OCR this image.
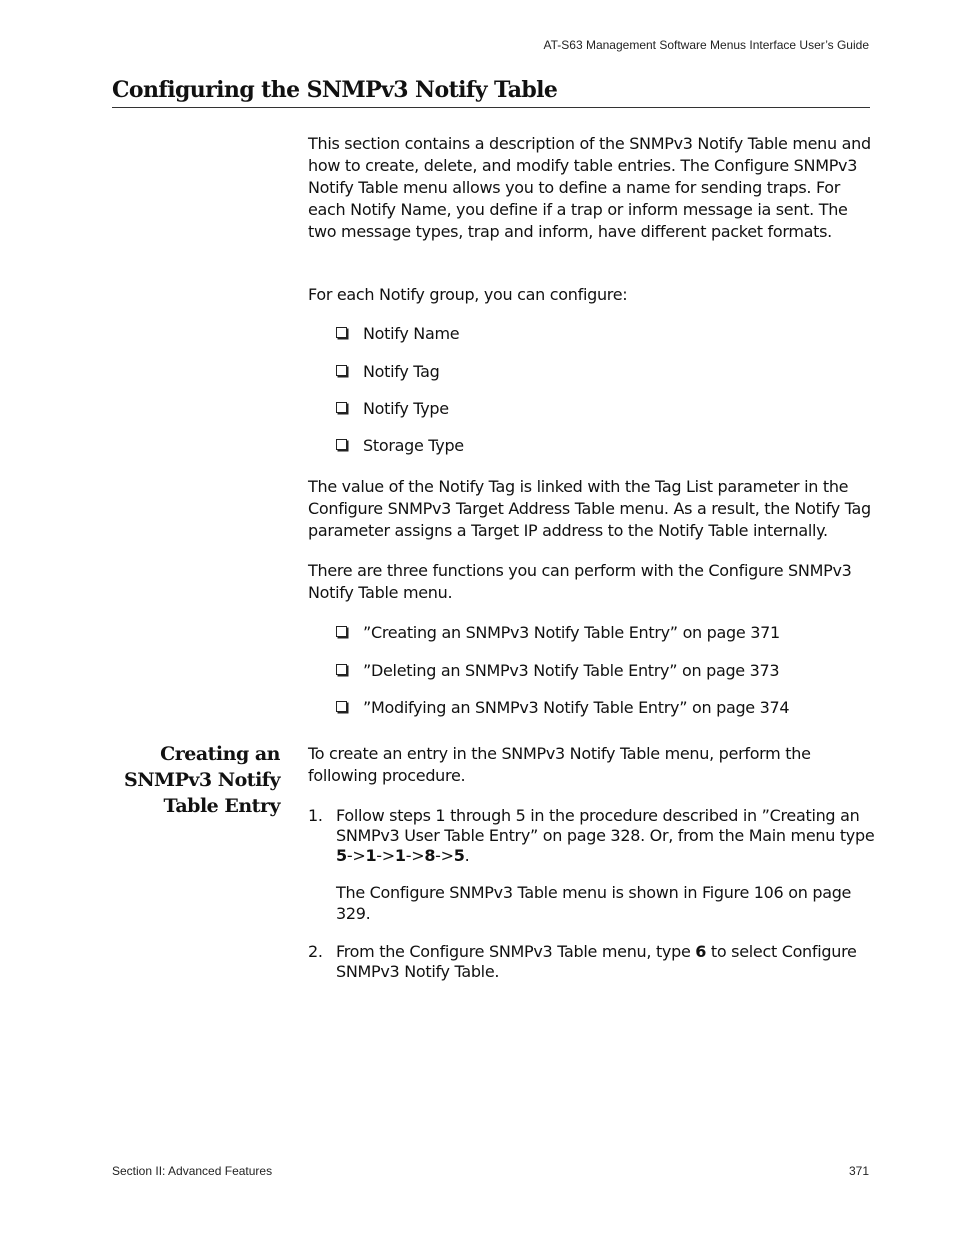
AT-S63 Management Software Menus Interface User’s Guide
Configuring the SNMPv3 Notify Table

This section contains a description of the SNMPv3 Notify Table menu and how to create, delete, and modify table entries. The Configure SNMPv3 Notify Table menu allows you to define a name for sending traps. For each Notify Name, you define if a trap or inform message ia sent. The two message types, trap and inform, have different packet formats.

For each Notify group, you can configure:

Notify Name
Notify Tag
Notify Type
Storage Type

The value of the Notify Tag is linked with the Tag List parameter in the Configure SNMPv3 Target Address Table menu. As a result, the Notify Tag parameter assigns a Target IP address to the Notify Table internally.

There are three functions you can perform with the Configure SNMPv3 Notify Table menu.

”Creating an SNMPv3 Notify Table Entry” on page 371
”Deleting an SNMPv3 Notify Table Entry” on page 373
”Modifying an SNMPv3 Notify Table Entry” on page 374
Creating an
SNMPv3 Notify
Table Entry

To create an entry in the SNMPv3 Notify Table menu, perform the following procedure.

1. Follow steps 1 through 5 in the procedure described in ”Creating an
SNMPv3 User Table Entry” on page 328. Or, from the Main menu type
5->1->1->8->5.
The Configure SNMPv3 Table menu is shown in Figure 106 on page 329.
2. From the Configure SNMPv3 Table menu, type 6 to select Configure SNMPv3 Notify Table.
Section II: Advanced Features	371
